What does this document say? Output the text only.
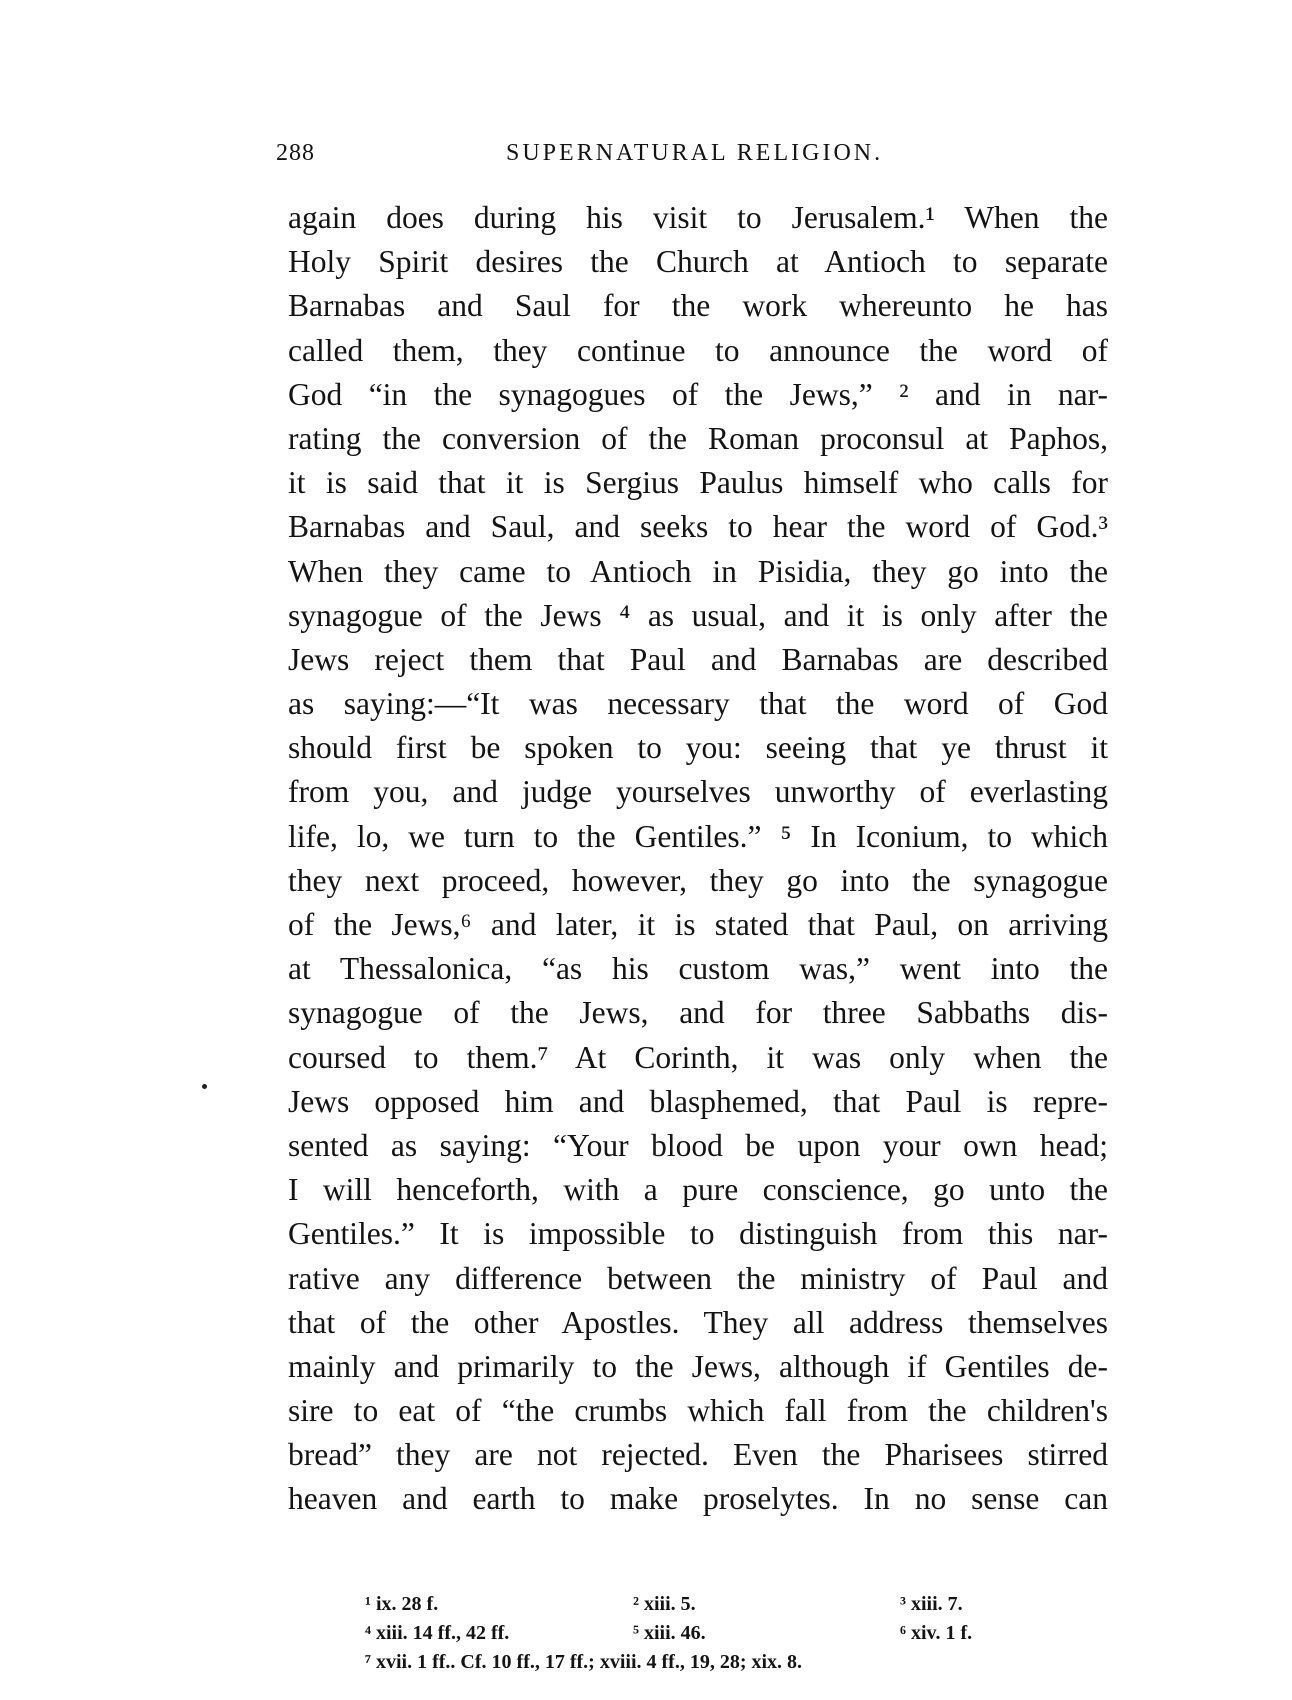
288	SUPERNATURAL RELIGION.
again does during his visit to Jerusalem.¹ When the
Holy Spirit desires the Church at Antioch to separate
Barnabas and Saul for the work whereunto he has
called them, they continue to announce the word of
God “in the synagogues of the Jews,” ² and in nar-
rating the conversion of the Roman proconsul at Paphos,
it is said that it is Sergius Paulus himself who calls for
Barnabas and Saul, and seeks to hear the word of God.³
When they came to Antioch in Pisidia, they go into the
synagogue of the Jews ⁴ as usual, and it is only after the
Jews reject them that Paul and Barnabas are described
as saying:—“It was necessary that the word of God
should first be spoken to you: seeing that ye thrust it
from you, and judge yourselves unworthy of everlasting
life, lo, we turn to the Gentiles.” ⁵ In Iconium, to which
they next proceed, however, they go into the synagogue
of the Jews,⁶ and later, it is stated that Paul, on arriving
at Thessalonica, “as his custom was,” went into the
synagogue of the Jews, and for three Sabbaths dis-
coursed to them.⁷ At Corinth, it was only when the
Jews opposed him and blasphemed, that Paul is repre-
sented as saying: “Your blood be upon your own head;
I will henceforth, with a pure conscience, go unto the
Gentiles.” It is impossible to distinguish from this nar-
rative any difference between the ministry of Paul and
that of the other Apostles. They all address themselves
mainly and primarily to the Jews, although if Gentiles de-
sire to eat of “the crumbs which fall from the children's
bread” they are not rejected. Even the Pharisees stirred
heaven and earth to make proselytes. In no sense can
¹ ix. 28 f.	² xiii. 5.	³ xiii. 7.
⁴ xiii. 14 ff., 42 ff.	⁵ xiii. 46.	⁶ xiv. 1 f.
⁷ xvii. 1 ff.. Cf. 10 ff., 17 ff.; xviii. 4 ff., 19, 28; xix. 8.
